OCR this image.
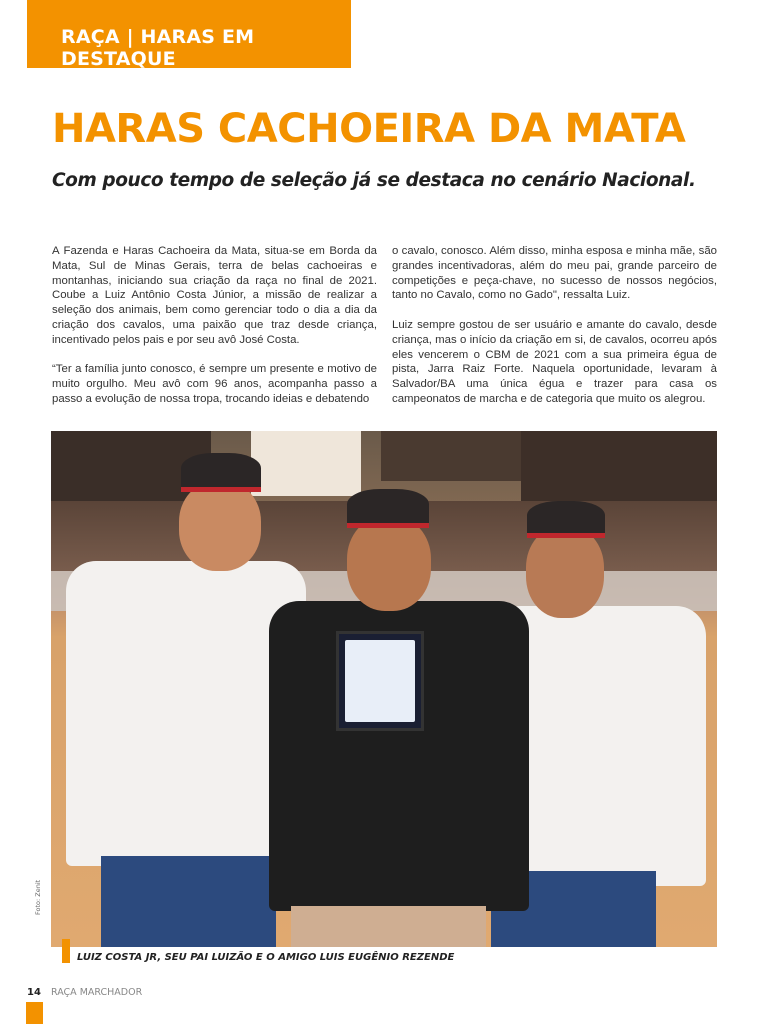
RAÇA | HARAS EM DESTAQUE
HARAS CACHOEIRA DA MATA
Com pouco tempo de seleção já se destaca no cenário Nacional.

A Fazenda e Haras Cachoeira da Mata, situa-se em Borda da Mata, Sul de Minas Gerais, terra de belas cachoeiras e montanhas, iniciando sua criação da raça no final de 2021. Coube a Luiz Antônio Costa Júnior, a missão de realizar a seleção dos animais, bem como gerenciar todo o dia a dia da criação dos cavalos, uma paixão que traz desde criança, incentivado pelos pais e por seu avô José Costa.

“Ter a família junto conosco, é sempre um presente e motivo de muito orgulho. Meu avô com 96 anos, acompanha passo a passo a evolução de nossa tropa, trocando ideias e debatendo

o cavalo, conosco. Além disso, minha esposa e minha mãe, são grandes incentivadoras, além do meu pai, grande parceiro de competições e peça-chave, no sucesso de nossos negócios, tanto no Cavalo, como no Gado", ressalta Luiz.

Luiz sempre gostou de ser usuário e amante do cavalo, desde criança, mas o início da criação em si, de cavalos, ocorreu após eles vencerem o CBM de 2021 com a sua primeira égua de pista, Jarra Raiz Forte. Naquela oportunidade, levaram à Salvador/BA uma única égua e trazer para casa os campeonatos de marcha e de categoria que muito os alegrou.

Foto: Zenit
LUIZ COSTA JR, SEU PAI LUIZÃO E O AMIGO LUIS EUGÊNIO REZENDE
14 RAÇA MARCHADOR
